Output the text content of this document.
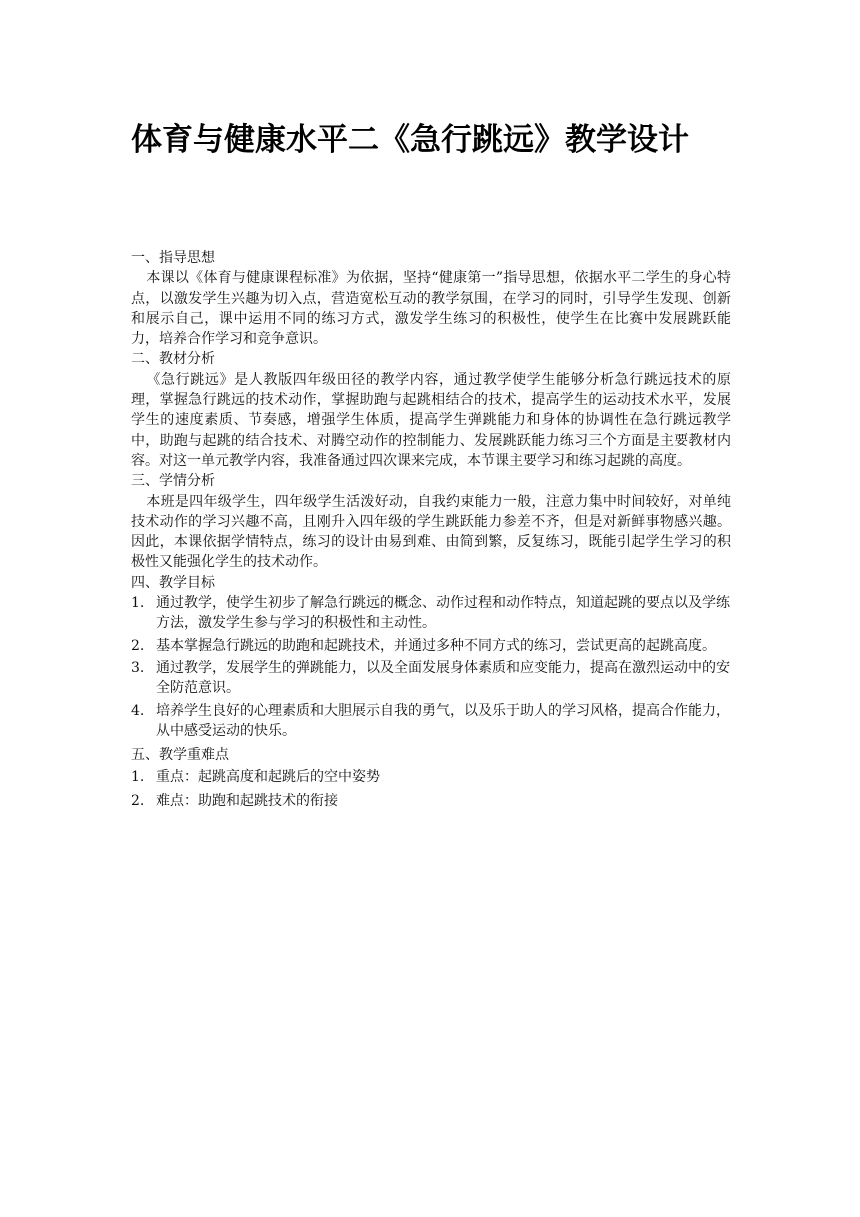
体育与健康水平二《急行跳远》教学设计
一、指导思想

本课以《体育与健康课程标准》为依据，坚持“健康第一”指导思想，依据水平二学生的身心特点，以激发学生兴趣为切入点，营造宽松互动的教学氛围，在学习的同时，引导学生发现、创新和展示自己，课中运用不同的练习方式，激发学生练习的积极性，使学生在比赛中发展跳跃能力，培养合作学习和竞争意识。

二、教材分析

《急行跳远》是人教版四年级田径的教学内容，通过教学使学生能够分析急行跳远技术的原理，掌握急行跳远的技术动作，掌握助跑与起跳相结合的技术，提高学生的运动技术水平，发展学生的速度素质、节奏感，增强学生体质，提高学生弹跳能力和身体的协调性在急行跳远教学中，助跑与起跳的结合技术、对腾空动作的控制能力、发展跳跃能力练习三个方面是主要教材内容。对这一单元教学内容，我准备通过四次课来完成，本节课主要学习和练习起跳的高度。

三、学情分析

本班是四年级学生，四年级学生活泼好动，自我约束能力一般，注意力集中时间较好，对单纯技术动作的学习兴趣不高，且刚升入四年级的学生跳跃能力参差不齐，但是对新鲜事物感兴趣。因此，本课依据学情特点，练习的设计由易到难、由简到繁，反复练习，既能引起学生学习的积极性又能强化学生的技术动作。

四、教学目标
1. 通过教学，使学生初步了解急行跳远的概念、动作过程和动作特点，知道起跳的要点以及学练方法，激发学生参与学习的积极性和主动性。
2. 基本掌握急行跳远的助跑和起跳技术，并通过多种不同方式的练习，尝试更高的起跳高度。
3. 通过教学，发展学生的弹跳能力，以及全面发展身体素质和应变能力，提高在激烈运动中的安全防范意识。
4. 培养学生良好的心理素质和大胆展示自我的勇气，以及乐于助人的学习风格，提高合作能力，从中感受运动的快乐。
五、教学重难点
1. 重点：起跳高度和起跳后的空中姿势
2. 难点：助跑和起跳技术的衔接
